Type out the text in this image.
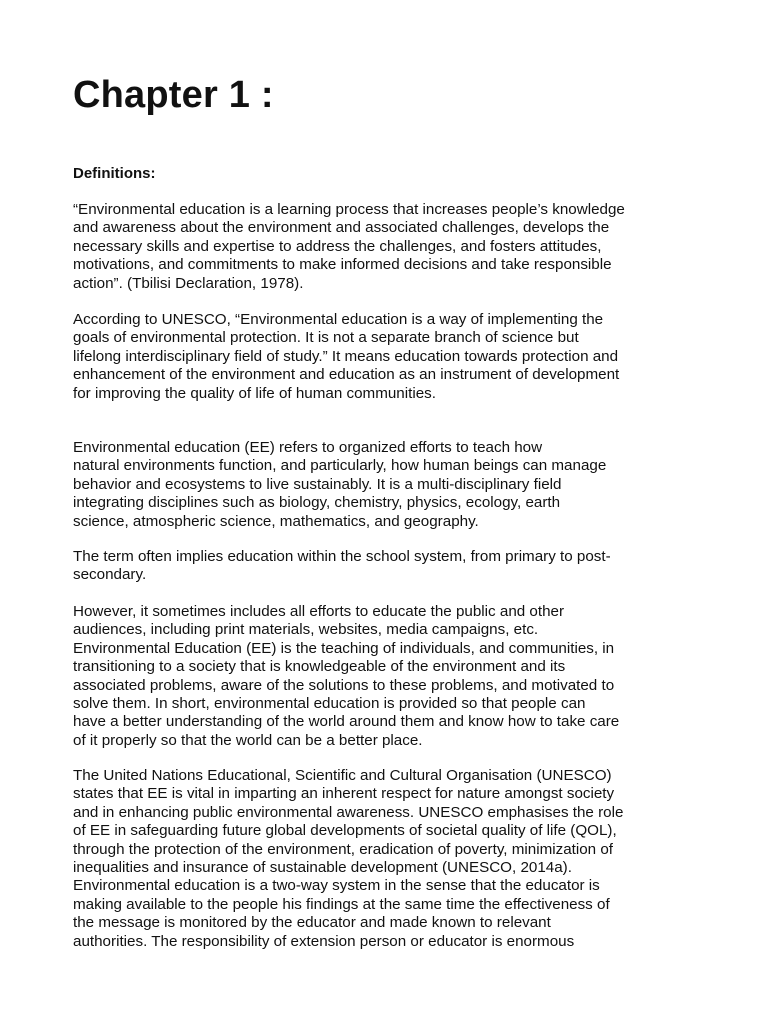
Chapter 1 :
Definitions:

“Environmental education is a learning process that increases people’s knowledge
and awareness about the environment and associated challenges, develops the
necessary skills and expertise to address the challenges, and fosters attitudes,
motivations, and commitments to make informed decisions and take responsible
action”. (Tbilisi Declaration, 1978).

According to UNESCO, “Environmental education is a way of implementing the
goals of environmental protection. It is not a separate branch of science but
lifelong interdisciplinary field of study.” It means education towards protection and
enhancement of the environment and education as an instrument of development
for improving the quality of life of human communities.

Environmental education (EE) refers to organized efforts to teach how
natural environments function, and particularly, how human beings can manage
behavior and ecosystems to live sustainably. It is a multi-disciplinary field
integrating disciplines such as biology, chemistry, physics, ecology, earth
science, atmospheric science, mathematics, and geography.

The term often implies education within the school system, from primary to post-
secondary.

However, it sometimes includes all efforts to educate the public and other
audiences, including print materials, websites, media campaigns, etc.
Environmental Education (EE) is the teaching of individuals, and communities, in
transitioning to a society that is knowledgeable of the environment and its
associated problems, aware of the solutions to these problems, and motivated to
solve them. In short, environmental education is provided so that people can
have a better understanding of the world around them and know how to take care
of it properly so that the world can be a better place.

The United Nations Educational, Scientific and Cultural Organisation (UNESCO)
states that EE is vital in imparting an inherent respect for nature amongst society
and in enhancing public environmental awareness. UNESCO emphasises the role
of EE in safeguarding future global developments of societal quality of life (QOL),
through the protection of the environment, eradication of poverty, minimization of
inequalities and insurance of sustainable development (UNESCO, 2014a).
Environmental education is a two-way system in the sense that the educator is
making available to the people his findings at the same time the effectiveness of
the message is monitored by the educator and made known to relevant
authorities. The responsibility of extension person or educator is enormous
